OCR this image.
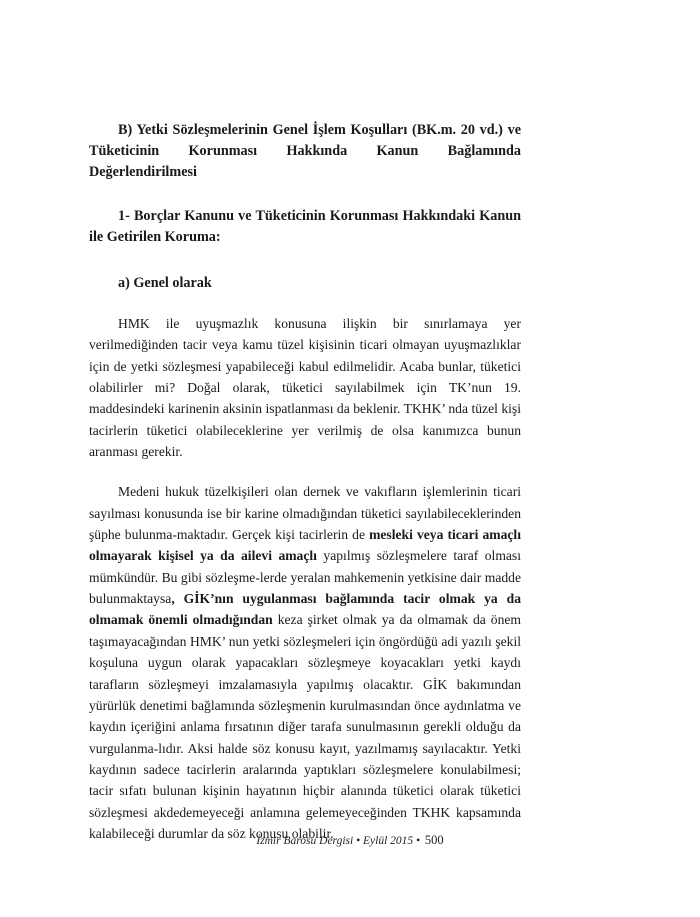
B) Yetki Sözleşmelerinin Genel İşlem Koşulları (BK.m. 20 vd.) ve Tüketicinin Korunması Hakkında Kanun Bağlamında Değerlendirilmesi

1- Borçlar Kanunu ve Tüketicinin Korunması Hakkındaki Kanun ile Getirilen Koruma:

a) Genel olarak

HMK ile uyuşmazlık konusuna ilişkin bir sınırlamaya yer verilmediğinden tacir veya kamu tüzel kişisinin ticari olmayan uyuşmazlıklar için de yetki sözleşmesi yapabileceği kabul edilmelidir. Acaba bunlar, tüketici olabilirler mi? Doğal olarak, tüketici sayılabilmek için TK’nun 19. maddesindeki karinenin aksinin ispatlanması da beklenir. TKHK’ nda tüzel kişi tacirlerin tüketici olabileceklerine yer verilmiş de olsa kanımızca bunun aranması gerekir.

Medeni hukuk tüzelkişileri olan dernek ve vakıfların işlemlerinin ticari sayılması konusunda ise bir karine olmadığından tüketici sayılabileceklerinden şüphe bulunma-maktadır. Gerçek kişi tacirlerin de mesleki veya ticari amaçlı olmayarak kişisel ya da ailevi amaçlı yapılmış sözleşmelere taraf olması mümkündür. Bu gibi sözleşme-lerde yeralan mahkemenin yetkisine dair madde bulunmaktaysa, GİK’nın uygulanması bağlamında tacir olmak ya da olmamak önemli olmadığından keza şirket olmak ya da olmamak da önem taşımayacağından HMK’ nun yetki sözleşmeleri için öngördüğü adi yazılı şekil koşuluna uygun olarak yapacakları sözleşmeye koyacakları yetki kaydı tarafların sözleşmeyi imzalamasıyla yapılmış olacaktır. GİK bakımından yürürlük denetimi bağlamında sözleşmenin kurulmasından önce aydınlatma ve kaydın içeriğini anlama fırsatının diğer tarafa sunulmasının gerekli olduğu da vurgulanma-lıdır. Aksi halde söz konusu kayıt, yazılmamış sayılacaktır. Yetki kaydının sadece tacirlerin aralarında yaptıkları sözleşmelere konulabilmesi; tacir sıfatı bulunan kişinin hayatının hiçbir alanında tüketici olarak tüketici sözleşmesi akdedemeyeceği anlamına gelemeyeceğinden TKHK kapsamında kalabileceği durumlar da söz konusu olabilir.

İzmir Barosu Dergisi • Eylül 2015 • 500
